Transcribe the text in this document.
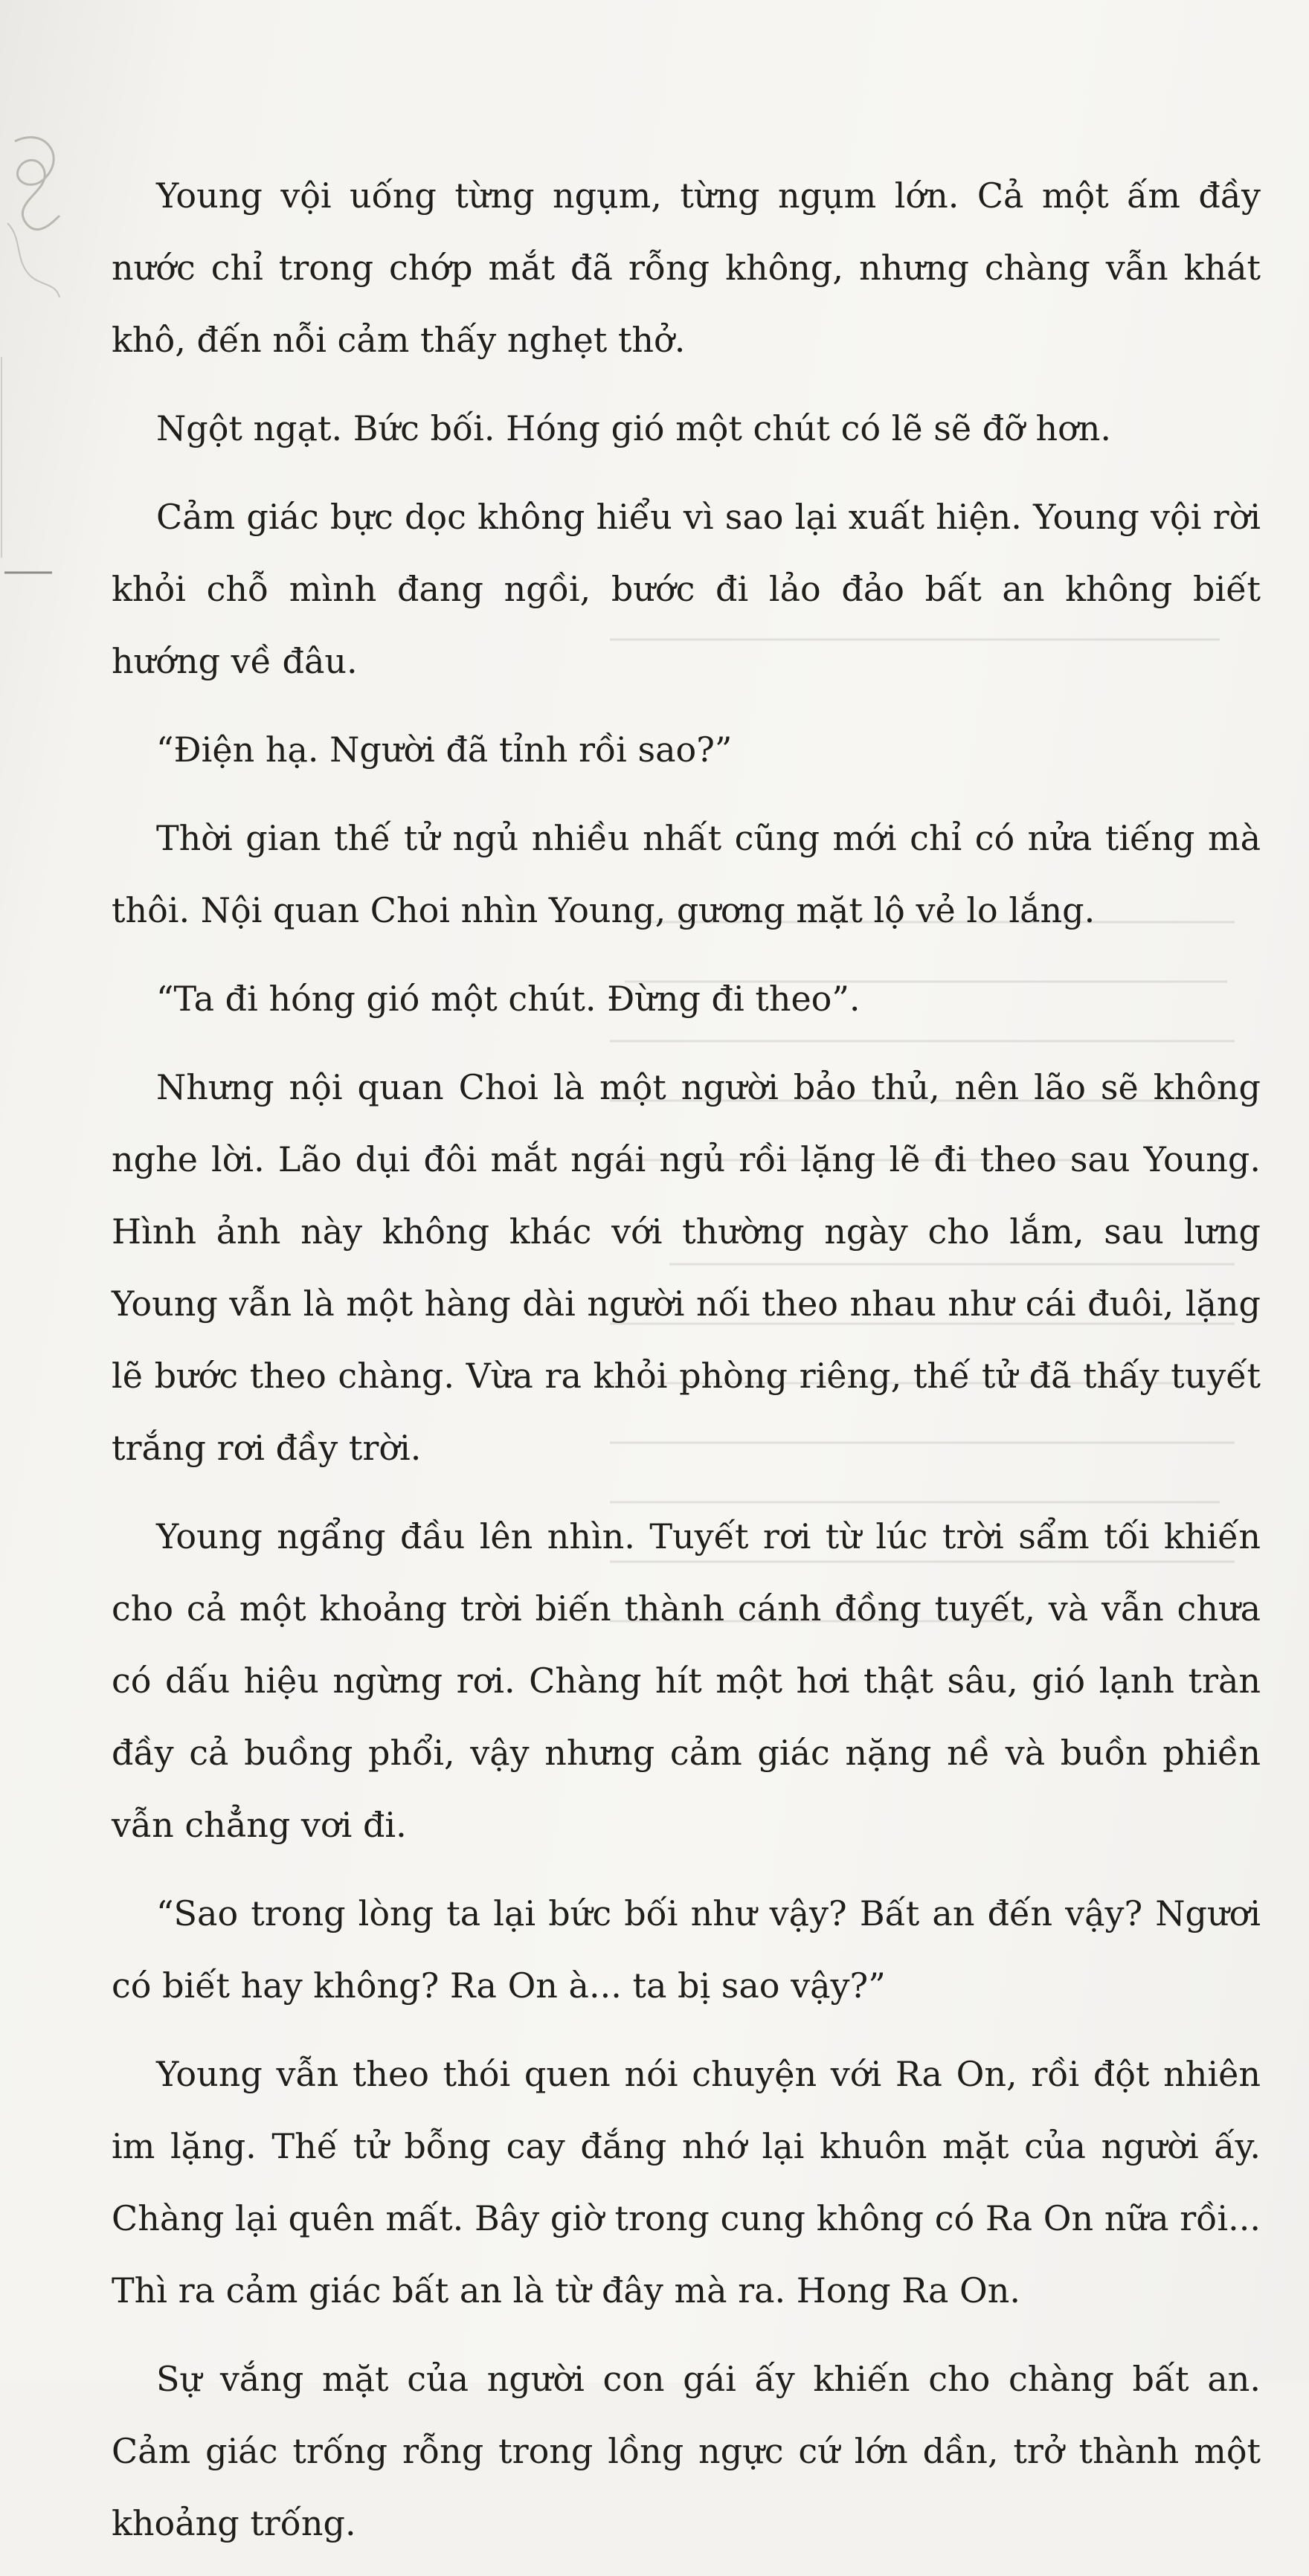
Young vội uống từng ngụm, từng ngụm lớn. Cả một ấm đầy nước chỉ trong chớp mắt đã rỗng không, nhưng chàng vẫn khát khô, đến nỗi cảm thấy nghẹt thở.

Ngột ngạt. Bức bối. Hóng gió một chút có lẽ sẽ đỡ hơn.

Cảm giác bực dọc không hiểu vì sao lại xuất hiện. Young vội rời khỏi chỗ mình đang ngồi, bước đi lảo đảo bất an không biết hướng về đâu.

“Điện hạ. Người đã tỉnh rồi sao?”

Thời gian thế tử ngủ nhiều nhất cũng mới chỉ có nửa tiếng mà thôi. Nội quan Choi nhìn Young, gương mặt lộ vẻ lo lắng.

“Ta đi hóng gió một chút. Đừng đi theo”.

Nhưng nội quan Choi là một người bảo thủ, nên lão sẽ không nghe lời. Lão dụi đôi mắt ngái ngủ rồi lặng lẽ đi theo sau Young. Hình ảnh này không khác với thường ngày cho lắm, sau lưng Young vẫn là một hàng dài người nối theo nhau như cái đuôi, lặng lẽ bước theo chàng. Vừa ra khỏi phòng riêng, thế tử đã thấy tuyết trắng rơi đầy trời.

Young ngẩng đầu lên nhìn. Tuyết rơi từ lúc trời sẩm tối khiến cho cả một khoảng trời biến thành cánh đồng tuyết, và vẫn chưa có dấu hiệu ngừng rơi. Chàng hít một hơi thật sâu, gió lạnh tràn đầy cả buồng phổi, vậy nhưng cảm giác nặng nề và buồn phiền vẫn chẳng vơi đi.

“Sao trong lòng ta lại bức bối như vậy? Bất an đến vậy? Ngươi có biết hay không? Ra On à... ta bị sao vậy?”

Young vẫn theo thói quen nói chuyện với Ra On, rồi đột nhiên im lặng. Thế tử bỗng cay đắng nhớ lại khuôn mặt của người ấy. Chàng lại quên mất. Bây giờ trong cung không có Ra On nữa rồi... Thì ra cảm giác bất an là từ đây mà ra. Hong Ra On.

Sự vắng mặt của người con gái ấy khiến cho chàng bất an. Cảm giác trống rỗng trong lồng ngực cứ lớn dần, trở thành một khoảng trống.
